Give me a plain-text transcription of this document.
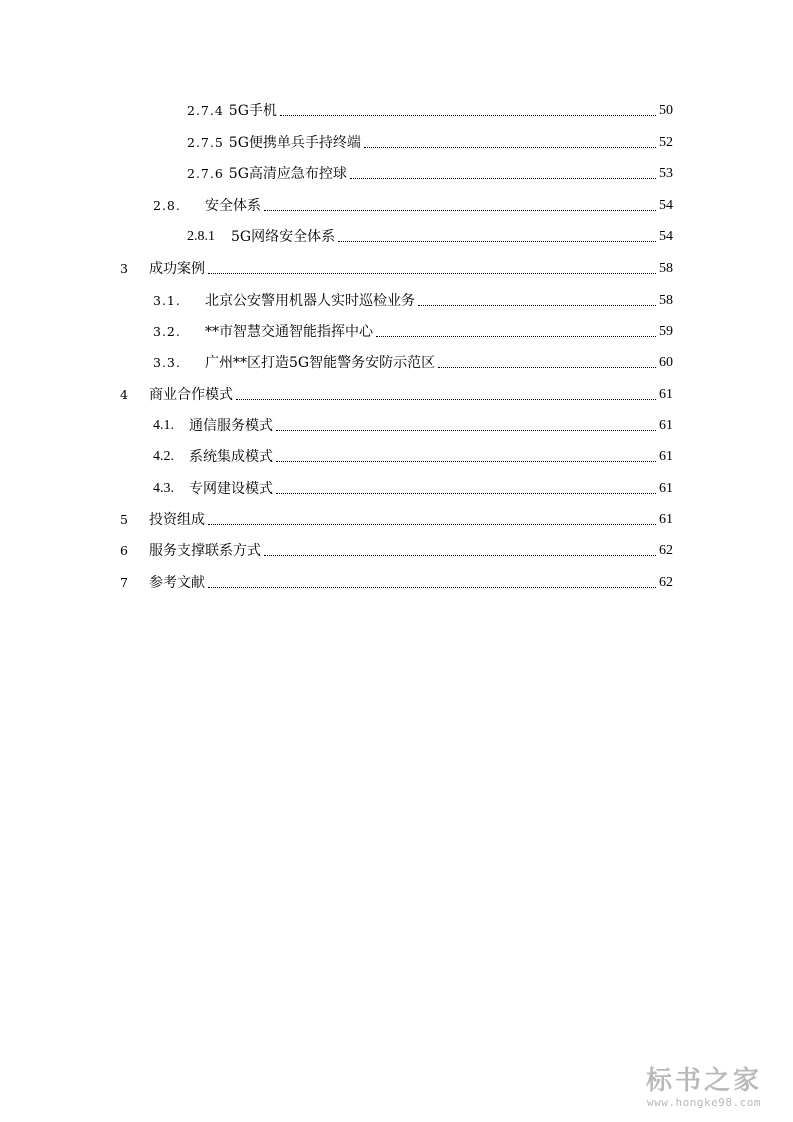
2.7.4 5G手机	50
2.7.5 5G便携单兵手持终端	52
2.7.6 5G高清应急布控球	53
2.8.	安全体系	54
2.8.1	5G网络安全体系	54
3	成功案例	58
3.1.	北京公安警用机器人实时巡检业务	58
3.2.	**市智慧交通智能指挥中心	59
3.3.	广州**区打造5G智能警务安防示范区	60
4	商业合作模式	61
4.1.	通信服务模式	61
4.2.	系统集成模式	61
4.3.	专网建设模式	61
5	投资组成	61
6	服务支撑联系方式	62
7	参考文献	62
标书之家
www.hongke98.com
